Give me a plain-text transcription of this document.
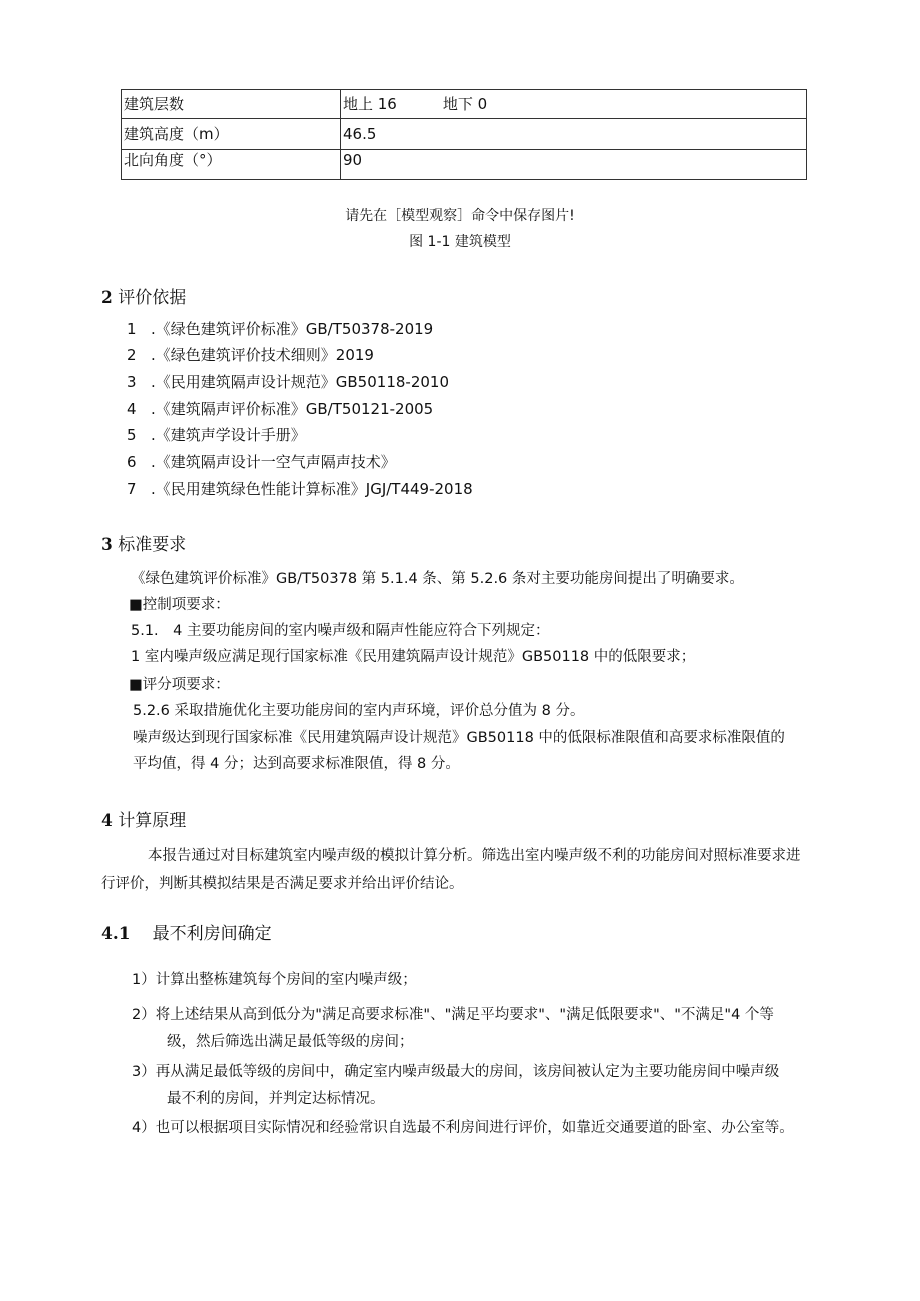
建筑层数	地上 16 地下 0
建筑高度（m）	46.5
北向角度（°）	90
请先在［模型观察］命令中保存图片!
图 1-1 建筑模型
2 评价依据
1 .《绿色建筑评价标准》GB/T50378-2019
2 .《绿色建筑评价技术细则》2019
3 .《民用建筑隔声设计规范》GB50118-2010
4 .《建筑隔声评价标准》GB/T50121-2005
5 .《建筑声学设计手册》
6 .《建筑隔声设计一空气声隔声技术》
7 .《民用建筑绿色性能计算标准》JGJ/T449-2018
3 标准要求
《绿色建筑评价标准》GB/T50378 第 5.1.4 条、第 5.2.6 条对主要功能房间提出了明确要求。
■控制项要求：
5.1.　4 主要功能房间的室内噪声级和隔声性能应符合下列规定：
1 室内噪声级应满足现行国家标准《民用建筑隔声设计规范》GB50118 中的低限要求；
■评分项要求：
5.2.6 采取措施优化主要功能房间的室内声环境，评价总分值为 8 分。
噪声级达到现行国家标准《民用建筑隔声设计规范》GB50118 中的低限标准限值和高要求标准限值的
平均值，得 4 分；达到高要求标准限值，得 8 分。
4 计算原理
本报告通过对目标建筑室内噪声级的模拟计算分析。筛选出室内噪声级不利的功能房间对照标准要求进
行评价，判断其模拟结果是否满足要求并给出评价结论。
4.1 最不利房间确定
1）计算出整栋建筑每个房间的室内噪声级；
2）将上述结果从高到低分为"满足高要求标准"、"满足平均要求"、"满足低限要求"、"不满足"4 个等
级，然后筛选出满足最低等级的房间；
3）再从满足最低等级的房间中，确定室内噪声级最大的房间，该房间被认定为主要功能房间中噪声级
最不利的房间，并判定达标情况。
4）也可以根据项目实际情况和经验常识自选最不利房间进行评价，如靠近交通要道的卧室、办公室等。
